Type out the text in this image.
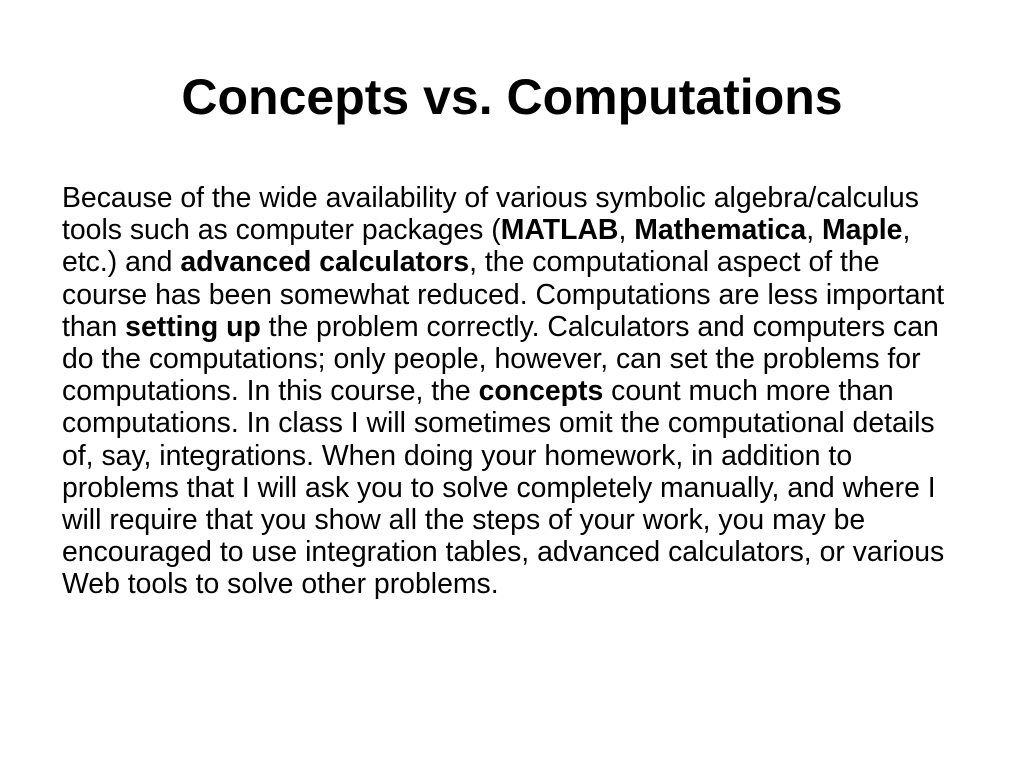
Concepts vs. Computations

Because of the wide availability of various symbolic algebra/calculus tools such as computer packages (MATLAB, Mathematica, Maple, etc.) and advanced calculators, the computational aspect of the course has been somewhat reduced. Computations are less important than setting up the problem correctly. Calculators and computers can do the computations; only people, however, can set the problems for computations. In this course, the concepts count much more than computations. In class I will sometimes omit the computational details of, say, integrations. When doing your homework, in addition to problems that I will ask you to solve completely manually, and where I will require that you show all the steps of your work, you may be encouraged to use integration tables, advanced calculators, or various Web tools to solve other problems.
